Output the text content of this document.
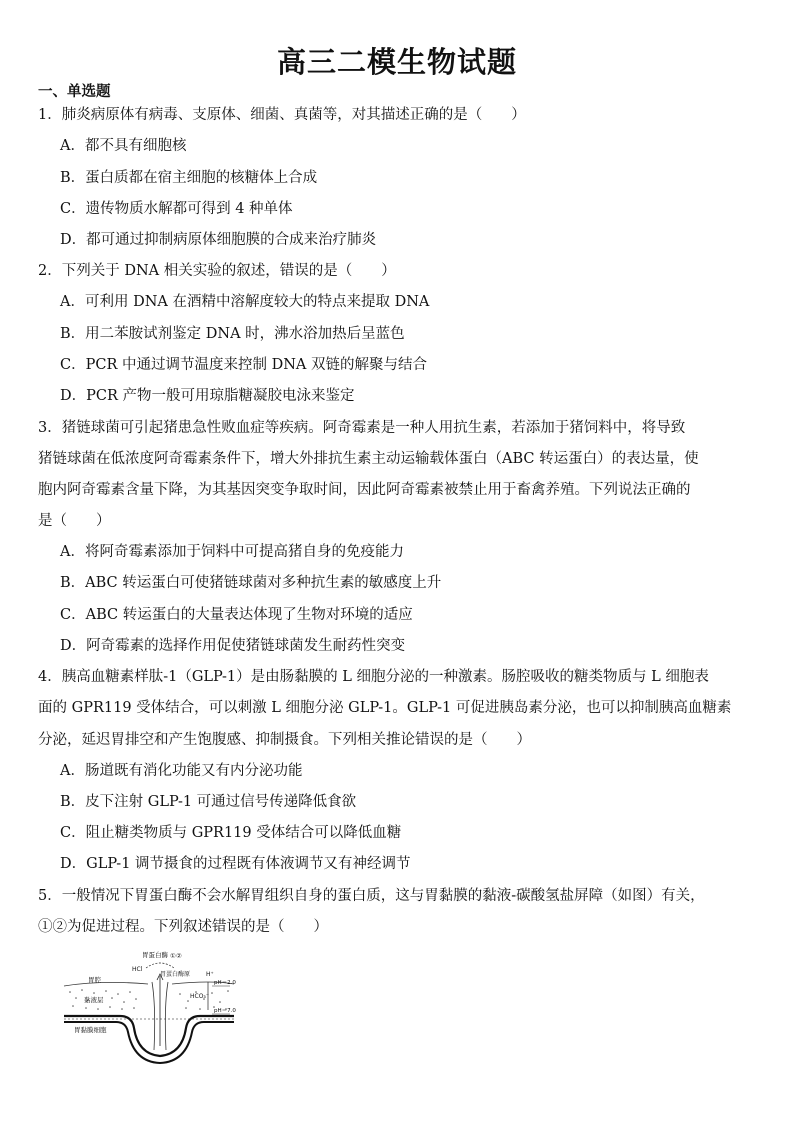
高三二模生物试题
一、单选题
1．肺炎病原体有病毒、支原体、细菌、真菌等，对其描述正确的是（　　）
A．都不具有细胞核
B．蛋白质都在宿主细胞的核糖体上合成
C．遗传物质水解都可得到 4 种单体
D．都可通过抑制病原体细胞膜的合成来治疗肺炎
2．下列关于 DNA 相关实验的叙述，错误的是（　　）
A．可利用 DNA 在酒精中溶解度较大的特点来提取 DNA
B．用二苯胺试剂鉴定 DNA 时，沸水浴加热后呈蓝色
C．PCR 中通过调节温度来控制 DNA 双链的解聚与结合
D．PCR 产物一般可用琼脂糖凝胶电泳来鉴定
3．猪链球菌可引起猪患急性败血症等疾病。阿奇霉素是一种人用抗生素，若添加于猪饲料中，将导致
猪链球菌在低浓度阿奇霉素条件下，增大外排抗生素主动运输载体蛋白（ABC 转运蛋白）的表达量，使
胞内阿奇霉素含量下降，为其基因突变争取时间，因此阿奇霉素被禁止用于畜禽养殖。下列说法正确的
是（　　）
A．将阿奇霉素添加于饲料中可提高猪自身的免疫能力
B．ABC 转运蛋白可使猪链球菌对多种抗生素的敏感度上升
C．ABC 转运蛋白的大量表达体现了生物对环境的适应
D．阿奇霉素的选择作用促使猪链球菌发生耐药性突变
4．胰高血糖素样肽-1（GLP-1）是由肠黏膜的 L 细胞分泌的一种激素。肠腔吸收的糖类物质与 L 细胞表
面的 GPR119 受体结合，可以刺激 L 细胞分泌 GLP-1。GLP-1 可促进胰岛素分泌，也可以抑制胰高血糖素
分泌，延迟胃排空和产生饱腹感、抑制摄食。下列相关推论错误的是（　　）
A．肠道既有消化功能又有内分泌功能
B．皮下注射 GLP-1 可通过信号传递降低食欲
C．阻止糖类物质与 GPR119 受体结合可以降低血糖
D．GLP-1 调节摄食的过程既有体液调节又有神经调节
5．一般情况下胃蛋白酶不会水解胃组织自身的蛋白质，这与胃黏膜的黏液-碳酸氢盐屏障（如图）有关，
①②为促进过程。下列叙述错误的是（　　）
胃蛋白酶 ① ②
HCl
胃腔
黏液层
胃蛋白酶原	H⁺
pH＝2.0
HCO₃⁻
pH＝7.0
胃黏膜细胞
